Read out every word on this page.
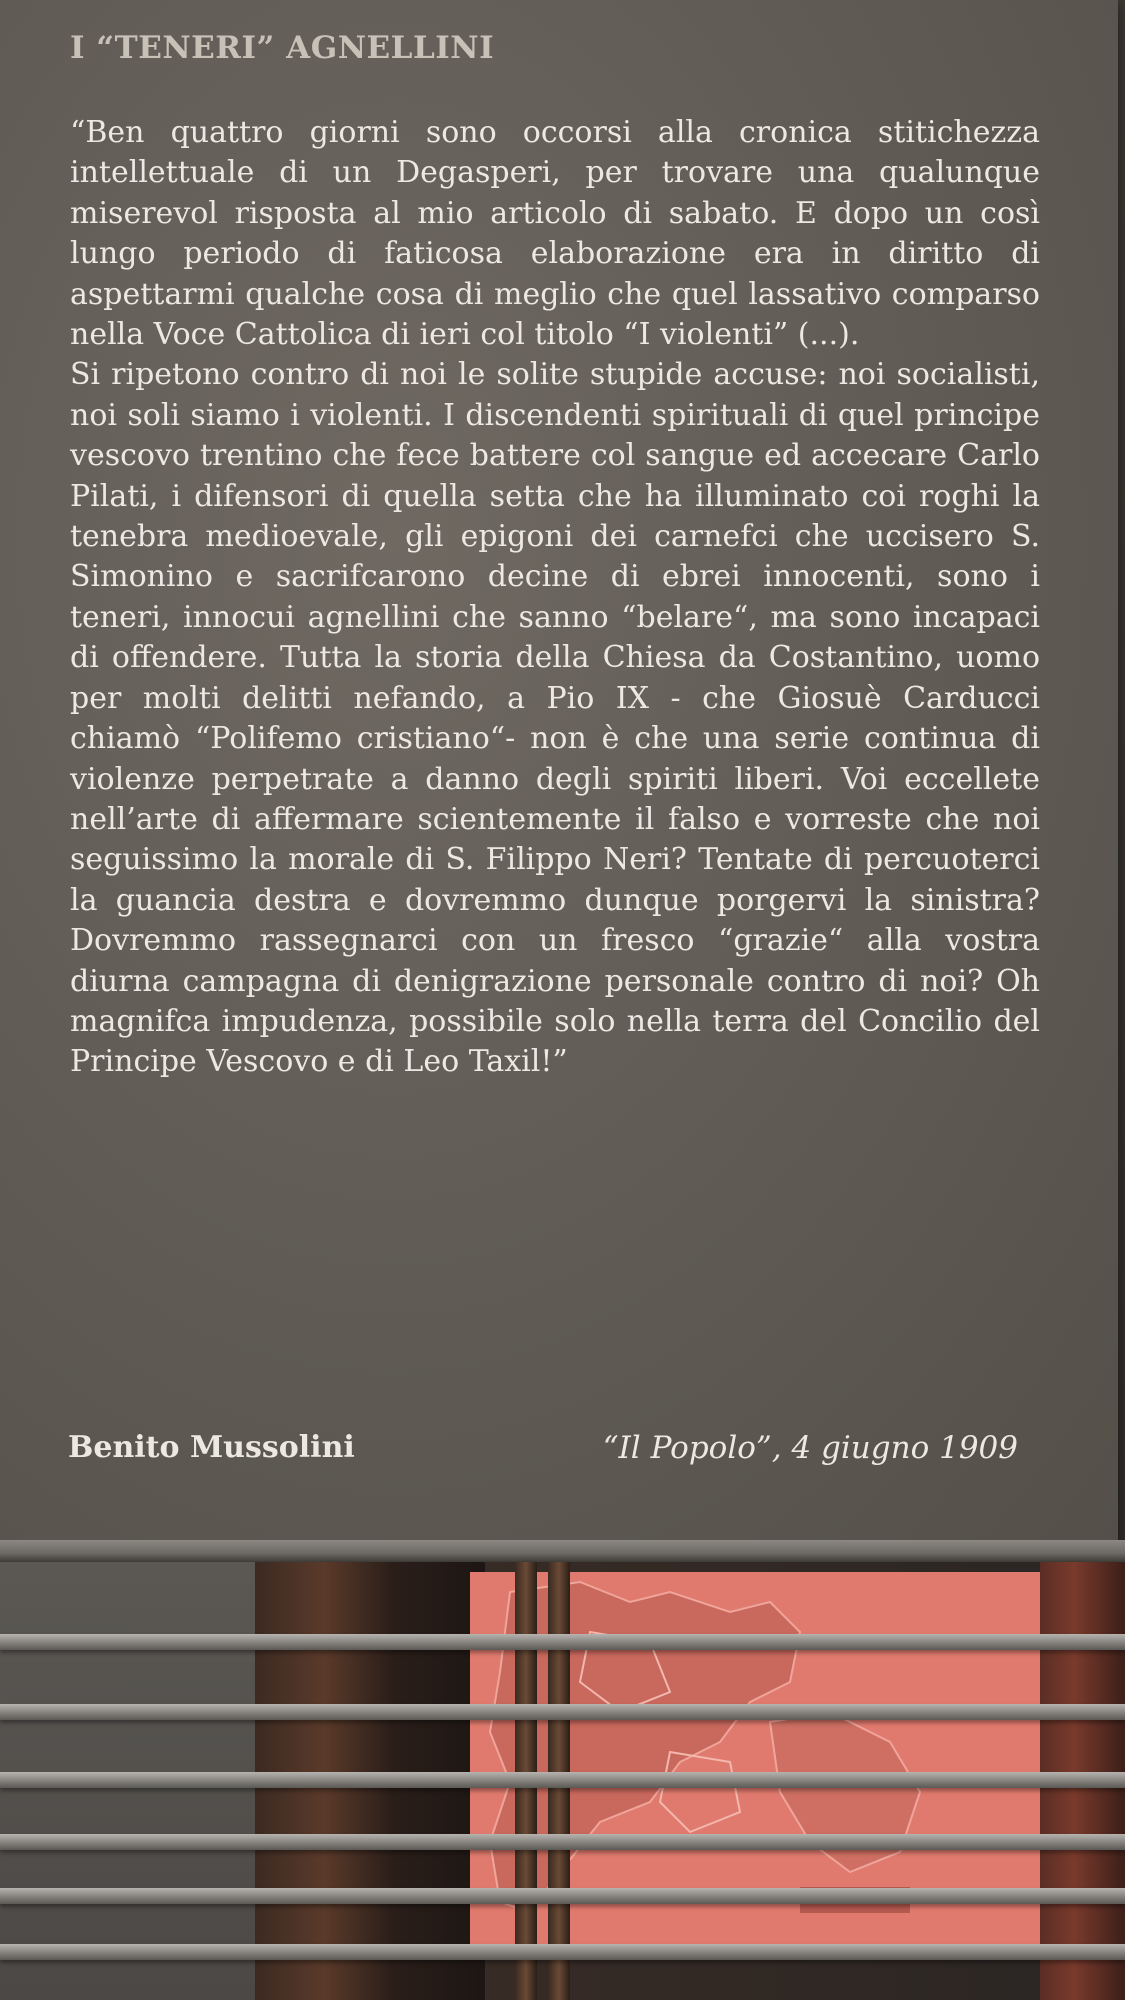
I “TENERI” AGNELLINI

“Ben quattro giorni sono occorsi alla cronica stitichezza intellettuale di un Degasperi, per trovare una qualunque miserevol risposta al mio articolo di sabato. E dopo un così lungo periodo di faticosa elaborazione era in diritto di aspettarmi qualche cosa di meglio che quel lassativo comparso nella Voce Cattolica di ieri col titolo “I violenti” (...).

Si ripetono contro di noi le solite stupide accuse: noi socialisti, noi soli siamo i violenti. I discendenti spirituali di quel principe vescovo trentino che fece battere col sangue ed accecare Carlo Pilati, i difensori di quella setta che ha illuminato coi roghi la tenebra medioevale, gli epigoni dei carnefci che uccisero S. Simonino e sacrifcarono decine di ebrei innocenti, sono i teneri, innocui agnellini che sanno “belare“, ma sono incapaci di offendere. Tutta la storia della Chiesa da Costantino, uomo per molti delitti nefando, a Pio IX - che Giosuè Carducci chiamò “Polifemo cristiano“- non è che una serie continua di violenze perpetrate a danno degli spiriti liberi. Voi eccellete nell’arte di affermare scientemente il falso e vorreste che noi seguissimo la morale di S. Filippo Neri? Tentate di percuoterci la guancia destra e dovremmo dunque porgervi la sinistra? Dovremmo rassegnarci con un fresco “grazie“ alla vostra diurna campagna di denigrazione personale contro di noi? Oh magnifca impudenza, possibile solo nella terra del Concilio del Principe Vescovo e di Leo Taxil!”

Benito Mussolini	“Il Popolo”, 4 giugno 1909
